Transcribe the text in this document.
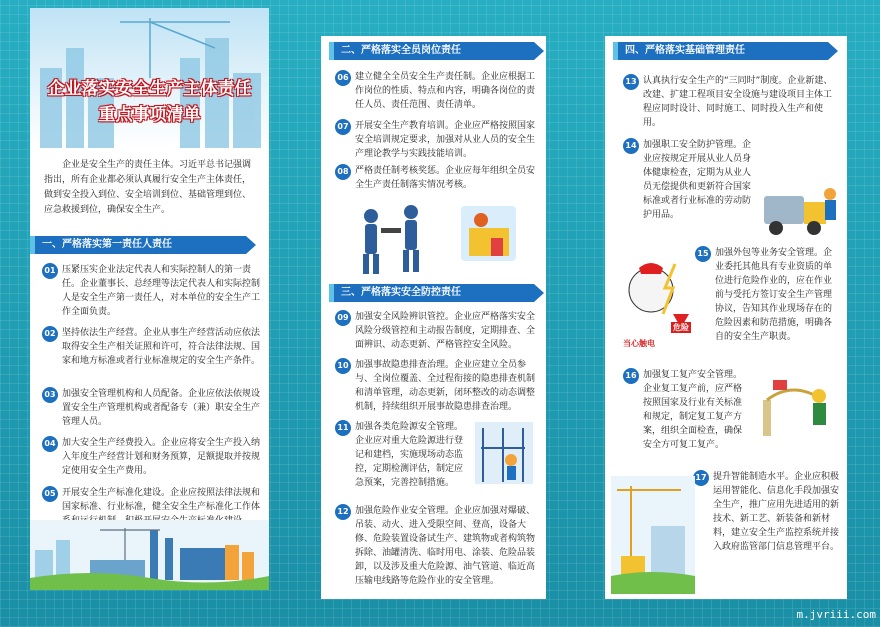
企业落实安全生产主体责任
重点事项清单
企业是安全生产的责任主体。习近平总书记强调指出，所有企业都必须认真履行安全生产主体责任，做到安全投入到位、安全培训到位、基础管理到位、应急救援到位，确保安全生产。
一、严格落实第一责任人责任
01 压紧压实企业法定代表人和实际控制人的第一责任。企业董事长、总经理等法定代表人和实际控制人是安全生产第一责任人，对本单位的安全生产工作全面负责。
02 坚持依法生产经营。企业从事生产经营活动应依法取得安全生产相关证照和许可，符合法律法规、国家和地方标准或者行业标准规定的安全生产条件。
03 加强安全管理机构和人员配备。企业应依法依规设置安全生产管理机构或者配备专（兼）职安全生产管理人员。
04 加大安全生产经费投入。企业应将安全生产投入纳入年度生产经营计划和财务预算，足额提取并按规定使用安全生产费用。
05 开展安全生产标准化建设。企业应按照法律法规和国家标准、行业标准，健全安全生产标准化工作体
二、严格落实全员岗位责任
06 建立健全全员安全生产责任制。企业应根据工作岗位的性质、特点和内容，明确各岗位的责任人员、责任范围、责任清单。
07 开展安全生产教育培训。企业应严格按照国家安全培训规定要求，加强对从业人员的安全生产理论教学与实践技能培训。
08 严格责任制考核奖惩。企业应每年组织全员安全生产责任制落实情况考核。
三、严格落实安全防控责任
09 加强安全风险辨识管控。企业应严格落实安全风险分级管控和主动报告制度，定期排查、全面辨识、动态更新、严格管控安全风险。
10 加强事故隐患排查治理。企业应建立全员参与、全岗位覆盖、全过程衔接的隐患排查机制和清单管理，动态更新，闭环整改的动态调整机制，持续组织开展事故隐患排查治理。
11 加强各类危险源安全管理。企业应对重大危险源进行登记和建档，实施现场动态监控，定期检测评估，制定应急预案，完善控制措施。
12 加强危险作业安全管理。企业应加强对爆破、吊装、动火、进入受限空间、登高，设备大修、危险装置设备试生产、建筑物或者构筑物拆除、油罐清洗、临时用电、涂装、危险品装卸，以及涉及重大危险源、油气管道、临近高压输电线路等危险作业的安全管理。
四、严格落实基础管理责任
13 认真执行安全生产的“三同时”制度。企业新建、改建、扩建工程项目安全设施与建设项目主体工程应同时设计、同时施工、同时投入生产和使用。
14 加强职工安全防护管理。企业应按规定开展从业人员身体健康检查，定期为从业人员无偿提供和更新符合国家标准或者行业标准的劳动防护用品。
15 加强外包等业务安全管理。企业委托其他具有专业资质的单位进行危险作业的，应在作业前与受托方签订安全生产管理协议，告知其作业现场存在的危险因素和防范措施，明确各自的安全生产职责。
当心触电
危险
16 加强复工复产安全管理。企业复工复产前，应严格按照国家及行业有关标准和规定，制定复工复产方案，组织全面检查，确保安全方可复工复产。
17 提升智能制造水平。企业应积极运用智能化、信息化手段加强安全生产，推广应用先进适用的新技术、新工艺、新装备和新材料，建立安全生产监控系统并接入政府监管部门信息管理平台。
m.jvriii.com
